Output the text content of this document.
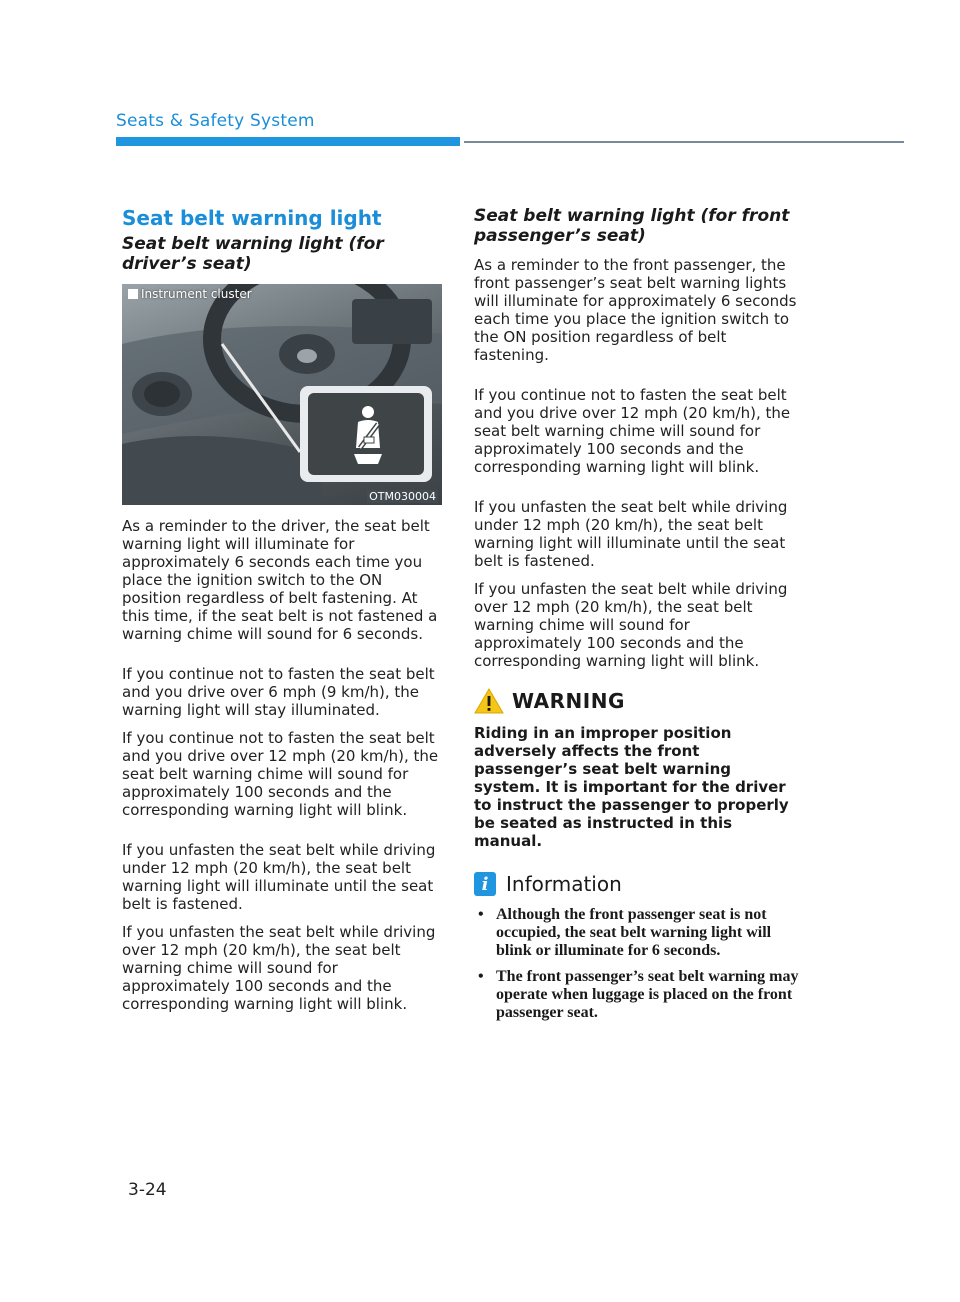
Seats & Safety System
Seat belt warning light
Seat belt warning light (for driver’s seat)
Instrument cluster
OTM030004

As a reminder to the driver, the seat belt warning light will illuminate for approximately 6 seconds each time you place the ignition switch to the ON position regardless of belt fastening. At this time, if the seat belt is not fastened a warning chime will sound for 6 seconds.

If you continue not to fasten the seat belt and you drive over 6 mph (9 km/h), the warning light will stay illuminated.

If you continue not to fasten the seat belt and you drive over 12 mph (20 km/h), the seat belt warning chime will sound for approximately 100 seconds and the corresponding warning light will blink.

If you unfasten the seat belt while driving under 12 mph (20 km/h), the seat belt warning light will illuminate until the seat belt is fastened.

If you unfasten the seat belt while driving over 12 mph (20 km/h), the seat belt warning chime will sound for approximately 100 seconds and the corresponding warning light will blink.

Seat belt warning light (for front passenger’s seat)

As a reminder to the front passenger, the front passenger’s seat belt warning lights will illuminate for approximately 6 seconds each time you place the ignition switch to the ON position regardless of belt fastening.

If you continue not to fasten the seat belt and you drive over 12 mph (20 km/h), the seat belt warning chime will sound for approximately 100 seconds and the corresponding warning light will blink.

If you unfasten the seat belt while driving under 12 mph (20 km/h), the seat belt warning light will illuminate until the seat belt is fastened.

If you unfasten the seat belt while driving over 12 mph (20 km/h), the seat belt warning chime will sound for approximately 100 seconds and the corresponding warning light will blink.

WARNING

Riding in an improper position adversely affects the front passenger’s seat belt warning system. It is important for the driver to instruct the passenger to properly be seated as instructed in this manual.

i Information
• Although the front passenger seat is not occupied, the seat belt warning light will blink or illuminate for 6 seconds.
• The front passenger’s seat belt warning may operate when luggage is placed on the front passenger seat.
3-24
